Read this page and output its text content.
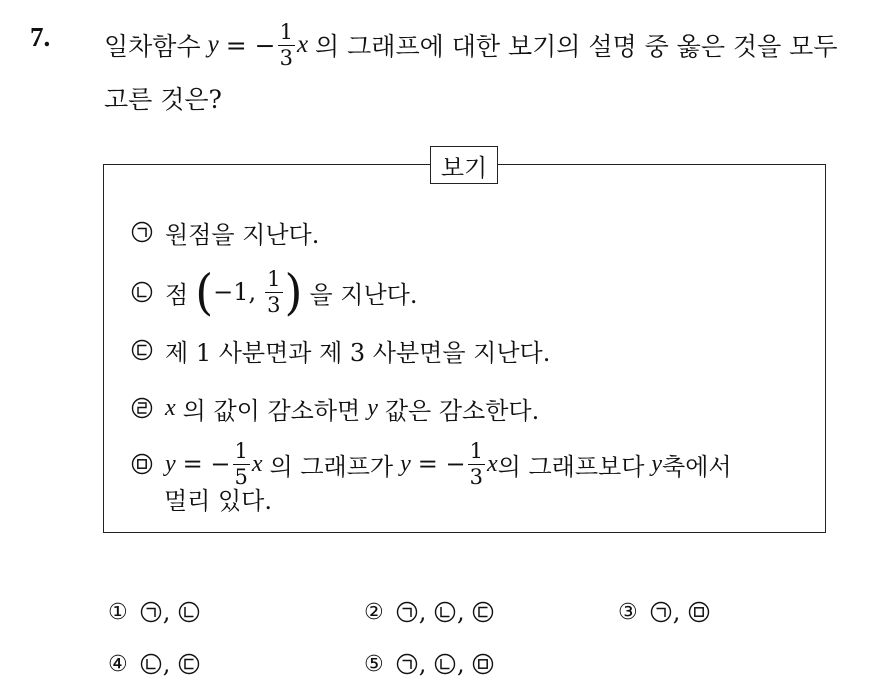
7. 일차함수 y = − $\frac{1}{3}$ x 의 그래프에 대한 보기의 설명 중 옳은 것을 모두
고른 것은?
보기
원점을 지난다.
점 ( −1, $\frac{1}{3}$ ) 을 지난다.
제 1 사분면과 제 3 사분면을 지난다.
x 의 값이 감소하면 y 값은 감소한다.
y = − $\frac{1}{5}$ x 의 그래프가 y = − $\frac{1}{3}$ x 의 그래프보다 y 축에서
멀리 있다.
① ,	② , ,	③ ,
④ ,	⑤ , ,
